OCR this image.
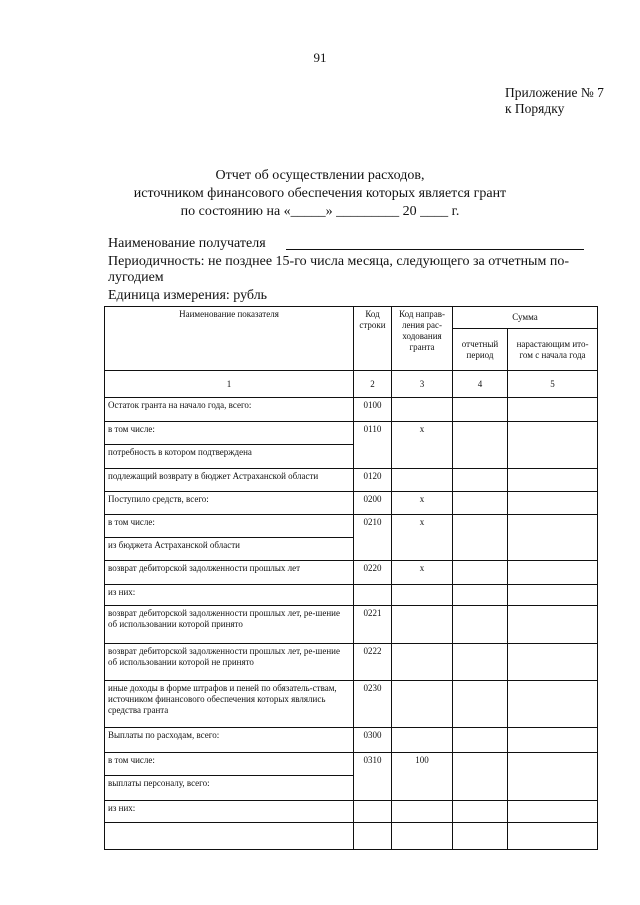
91
Приложение № 7
к Порядку
Отчет об осуществлении расходов,
источником финансового обеспечения которых является грант
по состоянию на «_____» _________ 20 ____ г.
Наименование получателя
Периодичность: не позднее 15-го числа месяца, следующего за отчетным по-
лугодием
Единица измерения: рубль
Наименование показателя	Код строки	Код направ-ления рас-ходования гранта	Сумма	
			отчетный период	нарастающим ито-гом с начала года
1	2	3	4	5
Остаток гранта на начало года, всего:	0100			
в том числе:	0110	х		
потребность в котором подтверждена				
подлежащий возврату в бюджет Астраханской области	0120			
Поступило средств, всего:	0200	х		
в том числе:	0210	х		
из бюджета Астраханской области				
возврат дебиторской задолженности прошлых лет	0220	х		
из них:				
возврат дебиторской задолженности прошлых лет, ре-шение об использовании которой принято	0221			
возврат дебиторской задолженности прошлых лет, ре-шение об использовании которой не принято	0222			
иные доходы в форме штрафов и пеней по обязатель-ствам, источником финансового обеспечения которых являлись средства гранта	0230			
Выплаты по расходам, всего:	0300			
в том числе:	0310	100		
выплаты персоналу, всего:				
из них:				
